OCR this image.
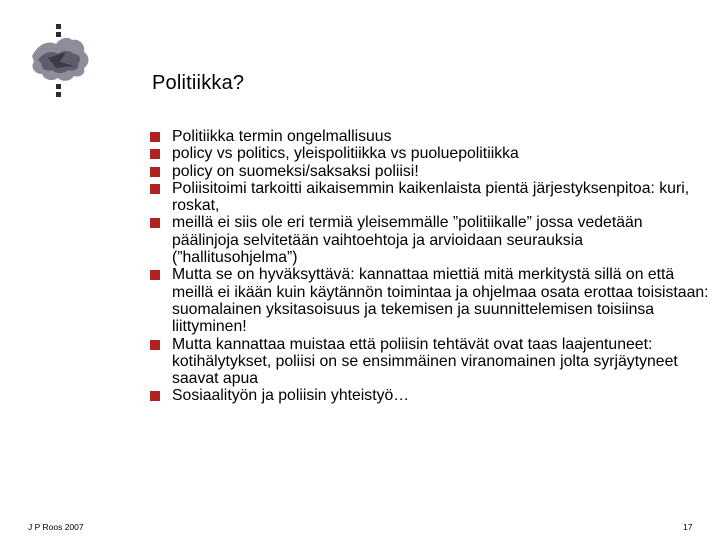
Politiikka?
Politiikka termin ongelmallisuus
policy vs politics, yleispolitiikka vs puoluepolitiikka
policy on suomeksi/saksaksi poliisi!
Poliisitoimi tarkoitti aikaisemmin kaikenlaista pientä järjestyksenpitoa: kuri, roskat,
meillä ei siis ole eri termiä yleisemmälle ”politiikalle” jossa vedetään päälinjoja selvitetään vaihtoehtoja ja arvioidaan seurauksia (”hallitusohjelma”)
Mutta se on hyväksyttävä: kannattaa miettiä mitä merkitystä sillä on että meillä ei ikään kuin käytännön toimintaa ja ohjelmaa osata erottaa toisistaan: suomalainen yksitasoisuus ja tekemisen ja suunnittelemisen toisiinsa liittyminen!
Mutta kannattaa muistaa että poliisin tehtävät ovat taas laajentuneet: kotihälytykset, poliisi on se ensimmäinen viranomainen jolta syrjäytyneet saavat apua
Sosiaalityön ja poliisin yhteistyö…
J P Roos 2007	17
